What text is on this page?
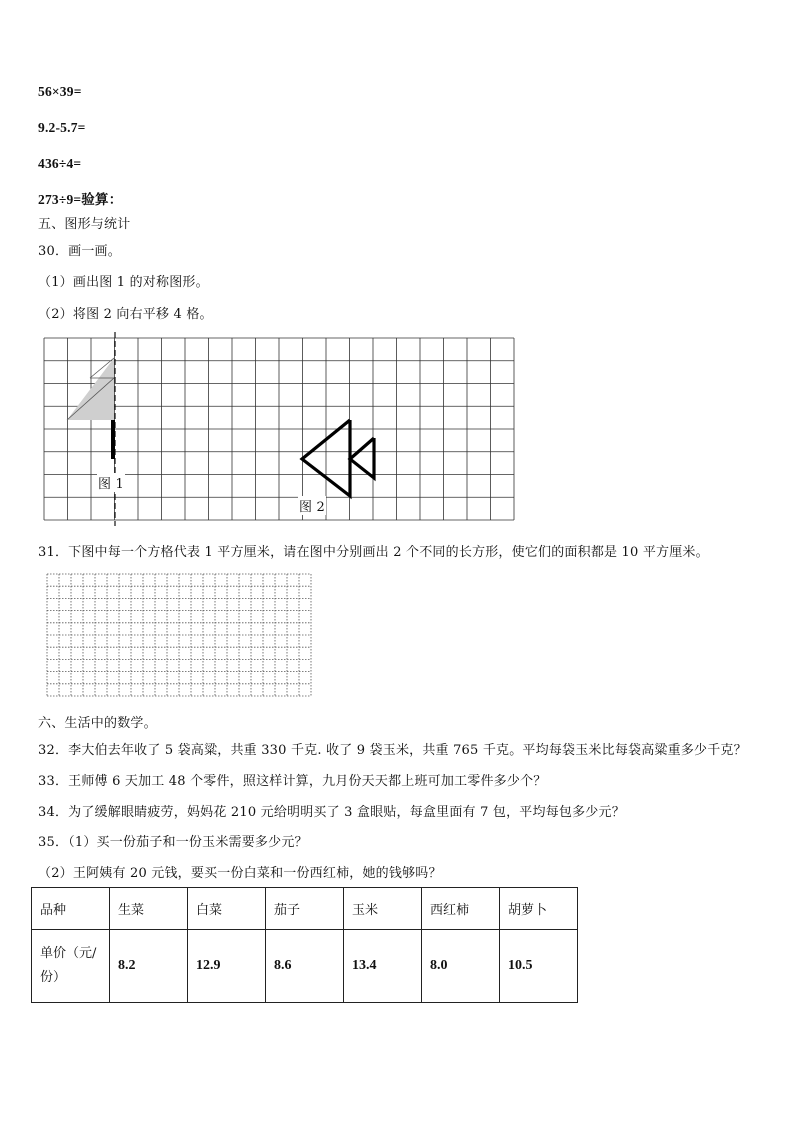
56×39=
9.2-5.7=
436÷4=
273÷9=验算：
五、图形与统计
30．画一画。
（1）画出图 1 的对称图形。
（2）将图 2 向右平移 4 格。
图 1
图 2
31．下图中每一个方格代表 1 平方厘米，请在图中分别画出 2 个不同的长方形，使它们的面积都是 10 平方厘米。
六、生活中的数学。
32．李大伯去年收了 5 袋高粱，共重 330 千克. 收了 9 袋玉米，共重 765 千克。平均每袋玉米比每袋高粱重多少千克？
33．王师傅 6 天加工 48 个零件，照这样计算，九月份天天都上班可加工零件多少个？
34．为了缓解眼睛疲劳，妈妈花 210 元给明明买了 3 盒眼贴，每盒里面有 7 包，平均每包多少元？
35．（1）买一份茄子和一份玉米需要多少元？
（2）王阿姨有 20 元钱，要买一份白菜和一份西红柿，她的钱够吗？
品种	生菜	白菜	茄子	玉米	西红柿	胡萝卜
单价（元/
份）	8.2	12.9	8.6	13.4	8.0	10.5
